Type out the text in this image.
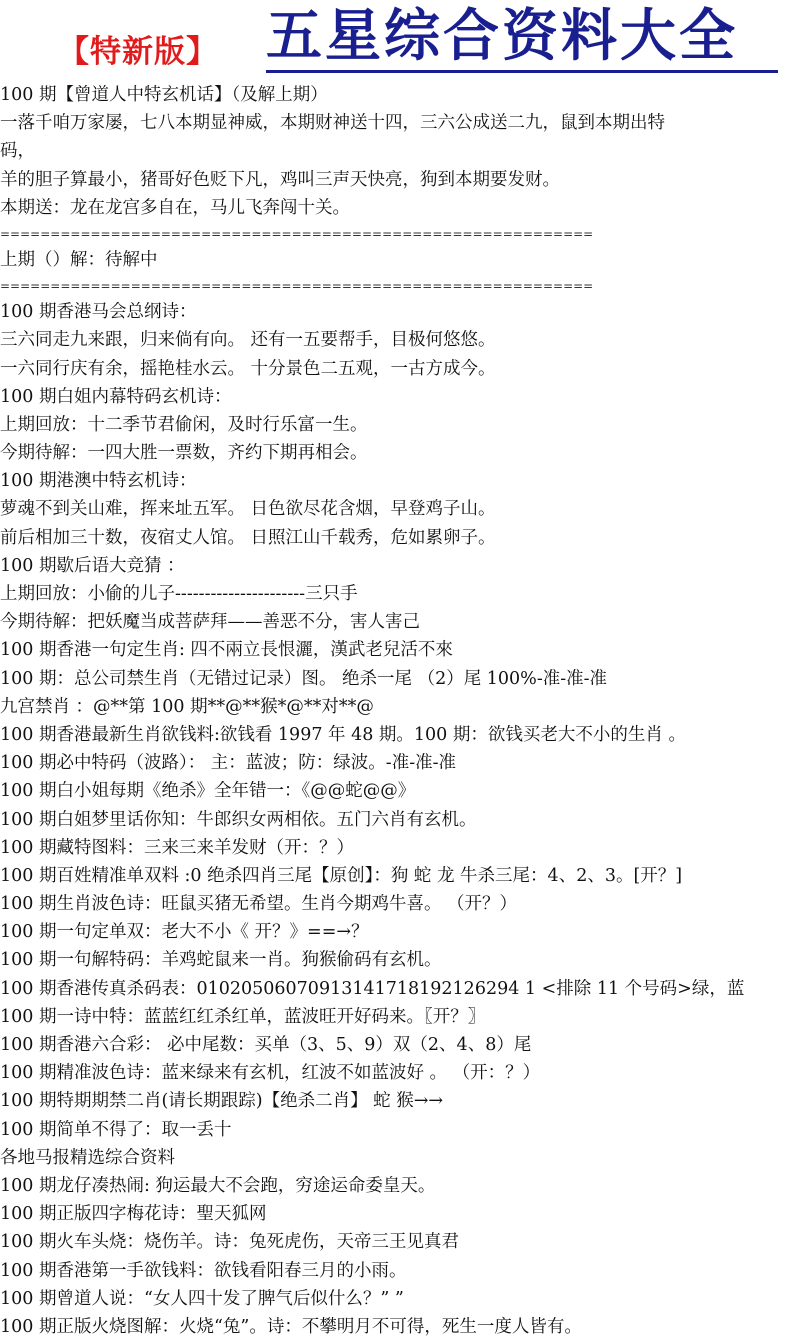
【特新版】 五星综合资料大全

100 期【曾道人中特玄机话】（及解上期）

一落千咱万家屡，七八本期显神威，本期财神送十四，三六公成送二九，鼠到本期出特

码，

羊的胆子算最小，猪哥好色贬下凡，鸡叫三声天快亮，狗到本期要发财。

本期送：龙在龙宫多自在，马儿飞奔闯十关。

===========================================================

上期（）解：待解中

===========================================================

100 期香港马会总纲诗：

三六同走九来跟，归来倘有向。 还有一五要帮手，目极何悠悠。

一六同行庆有余，摇艳桂水云。 十分景色二五观，一古方成今。

100 期白姐内幕特码玄机诗：

上期回放：十二季节君偷闲，及时行乐富一生。

今期待解：一四大胜一票数，齐约下期再相会。

100 期港澳中特玄机诗：

萝魂不到关山难，挥来址五军。 日色欲尽花含烟，早登鸡子山。

前后相加三十数，夜宿丈人馆。 日照江山千载秀，危如累卵子。

100 期歇后语大竞猜 ：

上期回放：小偷的儿子----------------------三只手

今期待解：把妖魔当成菩萨拜——善恶不分，害人害己

100 期香港一句定生肖: 四不兩立長恨灑，漢武老兒活不來

100 期：总公司禁生肖（无错过记录）图。 绝杀一尾 （2）尾 100%-准-准-准

九宫禁肖 ：@**第 100 期**@**猴*@**对**@

100 期香港最新生肖欲钱料:欲钱看 1997 年 48 期。100 期：欲钱买老大不小的生肖 。

100 期必中特码（波路）： 主：蓝波；防：绿波。-准-准-准

100 期白小姐每期《绝杀》全年错一：《@@蛇@@》

100 期白姐梦里话你知：牛郎织女两相依。五门六肖有玄机。

100 期藏特图料：三来三来羊发财（开：？）

100 期百姓精准单双料 :0 绝杀四肖三尾【原创】：狗 蛇 龙 牛杀三尾：4、2、3。[开？]

100 期生肖波色诗：旺鼠买猪无希望。生肖今期鸡牛喜。 （开？）

100 期一句定单双：老大不小《 开？》==→？

100 期一句解特码：羊鸡蛇鼠来一肖。狗猴偷码有玄机。

100 期香港传真杀码表：01020506070913141718192126294 1 <排除 11 个号码>绿，蓝

100 期一诗中特：蓝蓝红红杀红单，蓝波旺开好码来。〖开？〗

100 期香港六合彩： 必中尾数：买单（3、5、9）双（2、4、8）尾

100 期精准波色诗：蓝来绿来有玄机，红波不如蓝波好 。 （开：？）

100 期特期期禁二肖(请长期跟踪)【绝杀二肖】 蛇 猴→→

100 期简单不得了：取一丢十

各地马报精选综合资料

100 期龙仔凑热闹: 狗运最大不会跑，穷途运命委皇天。

100 期正版四字梅花诗：聖天狐网

100 期火车头烧：烧伤羊。诗：兔死虎伤，天帝三王见真君

100 期香港第一手欲钱料：欲钱看阳春三月的小雨。

100 期曾道人说：“女人四十发了脾气后似什么？” ”

100 期正版火烧图解：火烧“兔”。诗：不攀明月不可得，死生一度人皆有。
